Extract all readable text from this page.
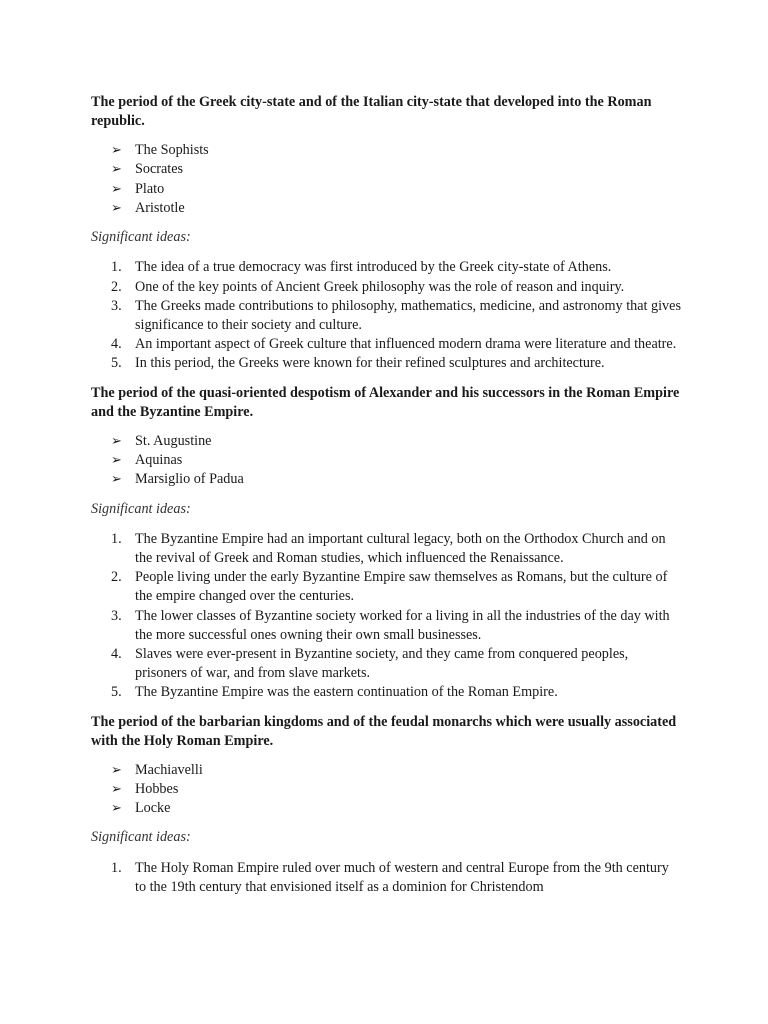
The period of the Greek city-state and of the Italian city-state that developed into the Roman republic.

➢ The Sophists
➢ Socrates
➢ Plato
➢ Aristotle

Significant ideas:

1. The idea of a true democracy was first introduced by the Greek city-state of Athens.
2. One of the key points of Ancient Greek philosophy was the role of reason and inquiry.
3. The Greeks made contributions to philosophy, mathematics, medicine, and astronomy that gives significance to their society and culture.
4. An important aspect of Greek culture that influenced modern drama were literature and theatre.
5. In this period, the Greeks were known for their refined sculptures and architecture.

The period of the quasi-oriented despotism of Alexander and his successors in the Roman Empire and the Byzantine Empire.

➢ St. Augustine
➢ Aquinas
➢ Marsiglio of Padua

Significant ideas:

1. The Byzantine Empire had an important cultural legacy, both on the Orthodox Church and on the revival of Greek and Roman studies, which influenced the Renaissance.
2. People living under the early Byzantine Empire saw themselves as Romans, but the culture of the empire changed over the centuries.
3. The lower classes of Byzantine society worked for a living in all the industries of the day with the more successful ones owning their own small businesses.
4. Slaves were ever-present in Byzantine society, and they came from conquered peoples, prisoners of war, and from slave markets.
5. The Byzantine Empire was the eastern continuation of the Roman Empire.

The period of the barbarian kingdoms and of the feudal monarchs which were usually associated with the Holy Roman Empire.

➢ Machiavelli
➢ Hobbes
➢ Locke

Significant ideas:

1. The Holy Roman Empire ruled over much of western and central Europe from the 9th century to the 19th century that envisioned itself as a dominion for Christendom
